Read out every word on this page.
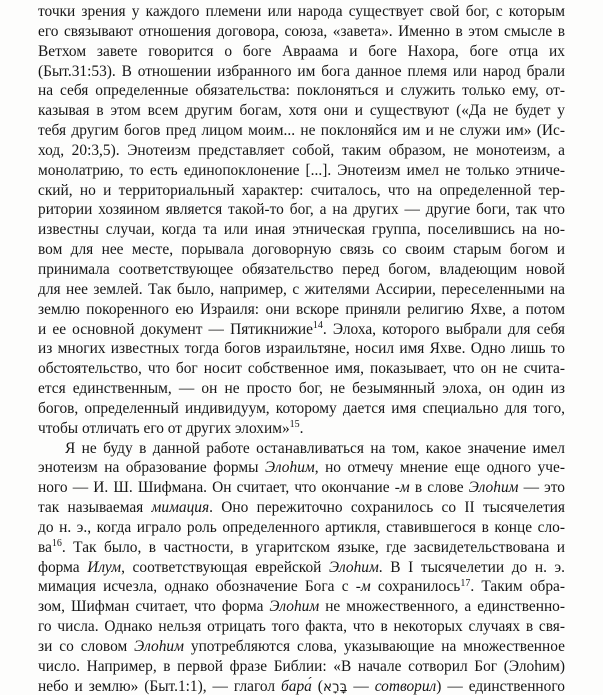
точки зрения у каждого племени или народа существует свой бог, с которым
его связывают отношения договора, союза, «завета». Именно в этом смысле в
Ветхом завете говорится о боге Авраама и боге Нахора, боге отца их
(Быт.31:53). В отношении избранного им бога данное племя или народ брали
на себя определенные обязательства: поклоняться и служить только ему, от-
казывая в этом всем другим богам, хотя они и существуют («Да не будет у
тебя другим богов пред лицом моим... не поклоняйся им и не служи им» (Ис-
ход, 20:3,5). Энотеизм представляет собой, таким образом, не монотеизм, а
монолатрию, то есть единопоклонение [...]. Энотеизм имел не только этниче-
ский, но и территориальный характер: считалось, что на определенной тер-
ритории хозяином является такой-то бог, а на других — другие боги, так что
известны случаи, когда та или иная этническая группа, поселившись на но-
вом для нее месте, порывала договорную связь со своим старым богом и
принимала соответствующее обязательство перед богом, владеющим новой
для нее землей. Так было, например, с жителями Ассирии, переселенными на
землю покоренного ею Израиля: они вскоре приняли религию Яхве, а потом
и ее основной документ — Пятикнижие$^{14}$. Элоха, которого выбрали для себя
из многих известных тогда богов израильтяне, носил имя Яхве. Одно лишь то
обстоятельство, что бог носит собственное имя, показывает, что он не счита-
ется единственным, — он не просто бог, не безымянный элоха, он один из
богов, определенный индивидуум, которому дается имя специально для того,
чтобы отличать его от других элохим»$^{15}$.
Я не буду в данной работе останавливаться на том, какое значение имел
энотеизм на образование формы Элоhим, но отмечу мнение еще одного уче-
ного — И. Ш. Шифмана. Он считает, что окончание -м в слове Элоhим — это
так называемая мимация. Оно пережиточно сохранилось со II тысячелетия
до н. э., когда играло роль определенного артикля, ставившегося в конце сло-
$ва^{16}$. Так было, в частности, в угаритском языке, где засвидетельствована и
форма Илум, соответствующая еврейской Элоhим. В I тысячелетии до н. э.
мимация исчезла, однако обозначение Бога с -м сохранилось$^{17}$. Таким обра-
зом, Шифман считает, что форма Элоhим не множественного, а единственно-
го числа. Однако нельзя отрицать того факта, что в некоторых случаях в свя-
зи со словом Элоhим употребляются слова, указывающие на множественное
число. Например, в первой фразе Библии: «В начале сотворил Бог (Элоhим)
небо и землю» (Быт.1:1), — глагол бара́ (בָּרָא — сотворил) — единственного
